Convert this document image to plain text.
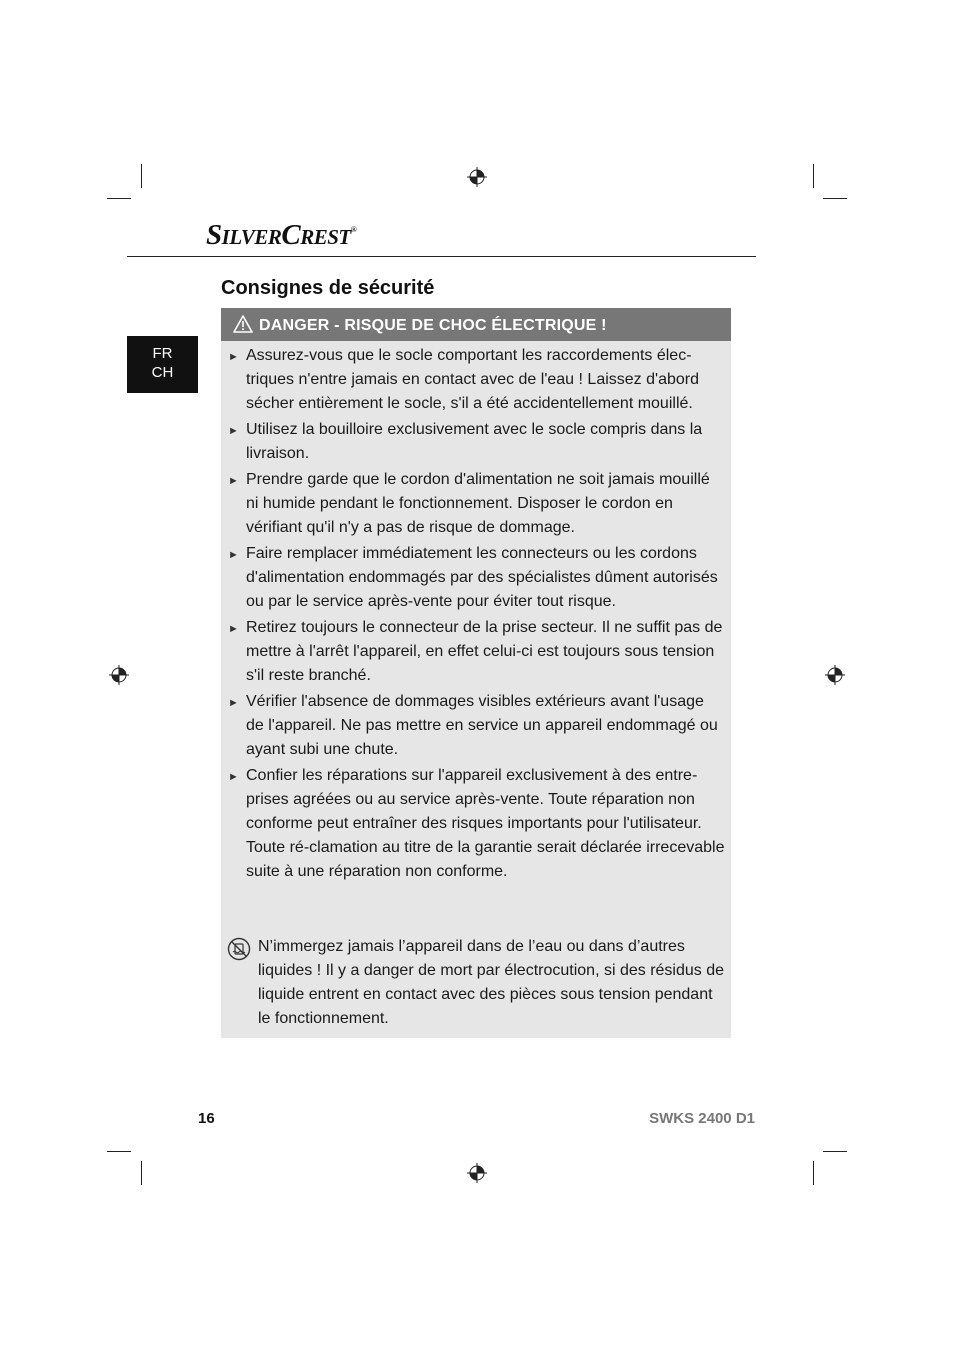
SILVERCREST®
Consignes de sécurité
FR
CH
DANGER - RISQUE DE CHOC ÉLECTRIQUE !
► Assurez-vous que le socle comportant les raccordements élec-triques n'entre jamais en contact avec de l'eau ! Laissez d'abord sécher entièrement le socle, s'il a été accidentellement mouillé.
► Utilisez la bouilloire exclusivement avec le socle compris dans la livraison.
► Prendre garde que le cordon d'alimentation ne soit jamais mouillé ni humide pendant le fonctionnement. Disposer le cordon en vérifiant qu'il n'y a pas de risque de dommage.
► Faire remplacer immédiatement les connecteurs ou les cordons d'alimentation endommagés par des spécialistes dûment autorisés ou par le service après-vente pour éviter tout risque.
► Retirez toujours le connecteur de la prise secteur. Il ne suffit pas de mettre à l'arrêt l'appareil, en effet celui-ci est toujours sous tension s'il reste branché.
► Vérifier l'absence de dommages visibles extérieurs avant l'usage de l'appareil. Ne pas mettre en service un appareil endommagé ou ayant subi une chute.
► Confier les réparations sur l'appareil exclusivement à des entre-prises agréées ou au service après-vente. Toute réparation non conforme peut entraîner des risques importants pour l'utilisateur. Toute ré-clamation au titre de la garantie serait déclarée irrecevable suite à une réparation non conforme.
N’immergez jamais l’appareil dans de l’eau ou dans d’autres liquides ! Il y a danger de mort par électrocution, si des résidus de liquide entrent en contact avec des pièces sous tension pendant le fonctionnement.
16	SWKS 2400 D1
